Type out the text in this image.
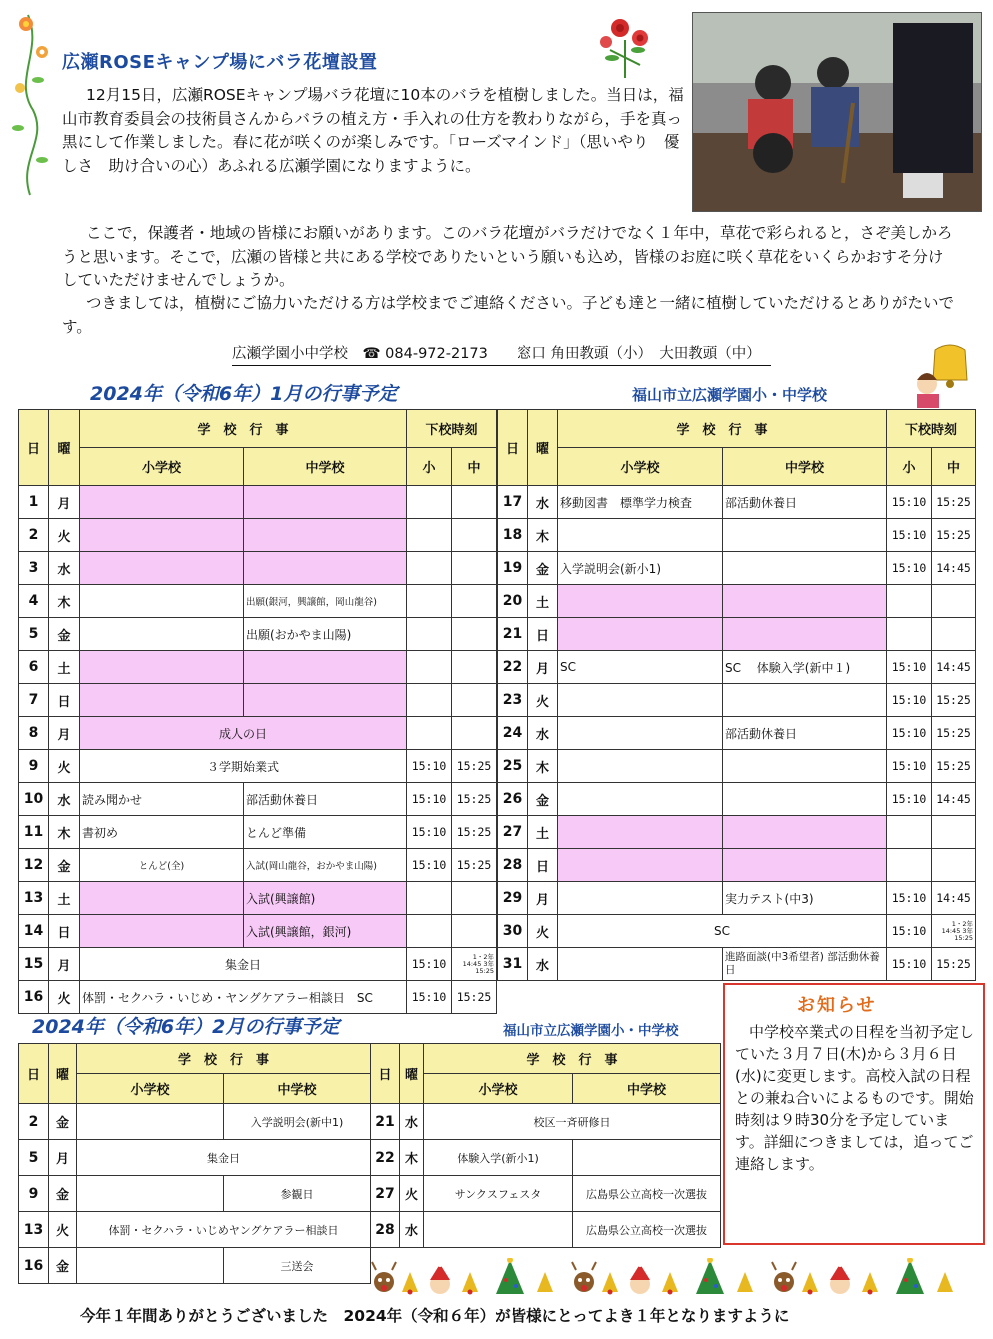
広瀬ROSEキャンプ場にバラ花壇設置
12月15日，広瀬ROSEキャンプ場バラ花壇に10本のバラを植樹しました。当日は，福山市教育委員会の技術員さんからバラの植え方・手入れの仕方を教わりながら，手を真っ黒にして作業しました。春に花が咲くのが楽しみです。「ローズマインド」（思いやり　優しさ　助け合いの心）あふれる広瀬学園になりますように。
ここで，保護者・地域の皆様にお願いがあります。このバラ花壇がバラだけでなく１年中，草花で彩られると，さぞ美しかろうと思います。そこで，広瀬の皆様と共にある学校でありたいという願いも込め，皆様のお庭に咲く草花をいくらかおすそ分けしていただけませんでしょうか。
つきましては，植樹にご協力いただける方は学校までご連絡ください。子ども達と一緒に植樹していただけるとありがたいです。
広瀬学園小中学校　☎ 084-972-2173　　窓口 角田教頭（小）　大田教頭（中）
2024年（令和6年）1月の行事予定	福山市立広瀬学園小・中学校
日	曜	学　校　行　事		下校時刻	
		小学校	中学校	小	中
1	月				
2	火				
3	水				
4	木		出願(銀河，興譲館，岡山龍谷)		
5	金		出願(おかやま山陽)		
6	土				
7	日				
8	月	成人の日			
9	火	３学期始業式		15:10	15:25
10	水	読み聞かせ	部活動休養日	15:10	15:25
11	木	書初め	とんど準備	15:10	15:25
12	金	とんど(全)	入試(岡山龍谷，おかやま山陽)	15:10	15:25
13	土		入試(興譲館)		
14	日		入試(興譲館，銀河)		
15	月	集金日		15:10	1・2年 14:45 3年 15:25
16	火	体罰・セクハラ・いじめ・ヤングケアラー相談日　SC		15:10	15:25
日	曜	学　校　行　事		下校時刻	
		小学校	中学校	小	中
17	水	移動図書　標準学力検査	部活動休養日	15:10	15:25
18	木			15:10	15:25
19	金	入学説明会(新小1)		15:10	14:45
20	土				
21	日				
22	月	SC	SC　 体験入学(新中１)	15:10	14:45
23	火			15:10	15:25
24	水		部活動休養日	15:10	15:25
25	木			15:10	15:25
26	金			15:10	14:45
27	土				
28	日				
29	月		実力テスト(中3)	15:10	14:45
30	火	SC		15:10	1・2年 14:45 3年 15:25
31	水		進路面談(中3希望者) 部活動休養日	15:10	15:25
2024年（令和6年）2月の行事予定	福山市立広瀬学園小・中学校
日	曜	学　校　行　事	
		小学校	中学校
2	金		入学説明会(新中1)
5	月	集金日	
9	金		参観日
13	火	体罰・セクハラ・いじめヤングケアラー相談日	
16	金		三送会
日	曜	学　校　行　事	
		小学校	中学校
21	水	校区一斉研修日	
22	木	体験入学(新小1)	
27	火	サンクスフェスタ	広島県公立高校一次選抜
28	水		広島県公立高校一次選抜
お知らせ
中学校卒業式の日程を当初予定していた３月７日(木)から３月６日(水)に変更します。高校入試の日程との兼ね合いによるものです。開始時刻は９時30分を予定しています。詳細につきましては，追ってご連絡します。
今年１年間ありがとうございました　2024年（令和６年）が皆様にとってよき１年となりますように
